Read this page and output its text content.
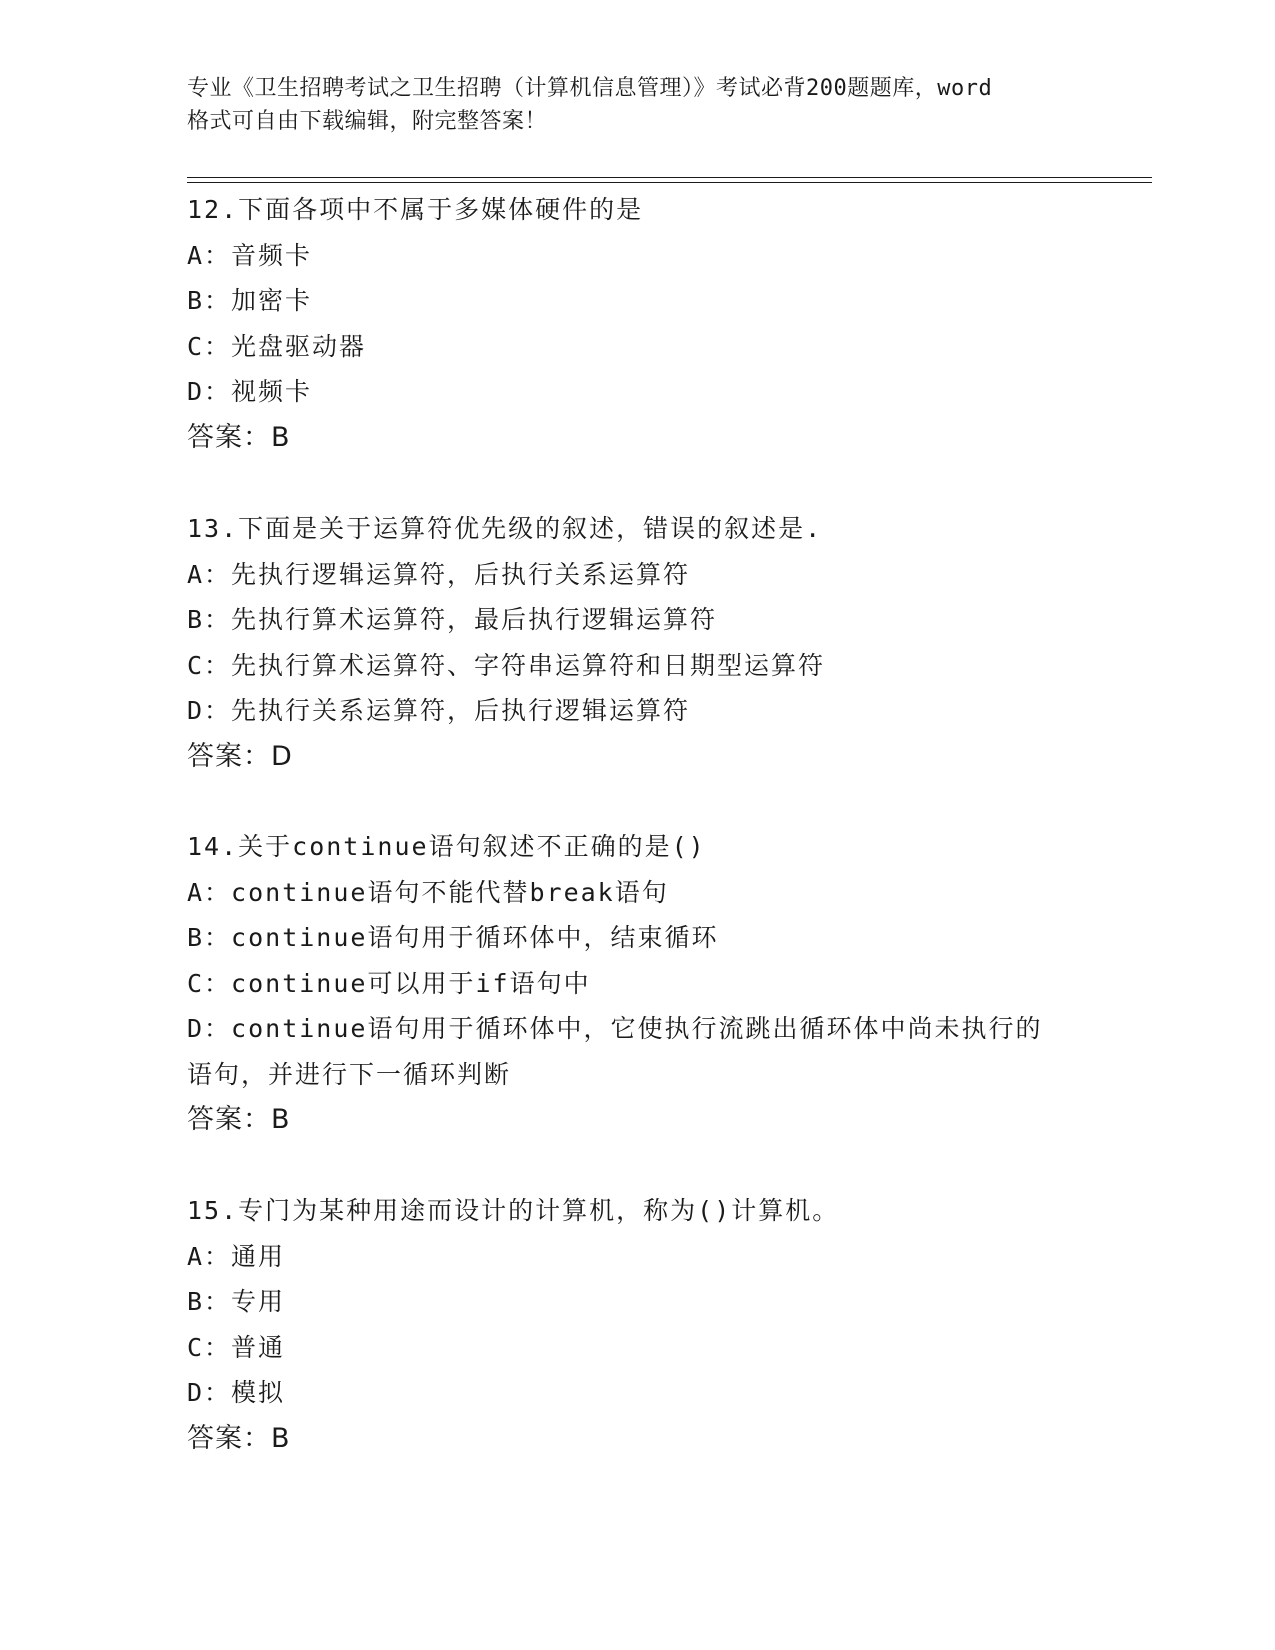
专业《卫生招聘考试之卫生招聘（计算机信息管理）》考试必背200题题库，word
格式可自由下载编辑，附完整答案！
12.下面各项中不属于多媒体硬件的是
A：音频卡
B：加密卡
C：光盘驱动器
D：视频卡
答案：B
13.下面是关于运算符优先级的叙述，错误的叙述是.
A：先执行逻辑运算符，后执行关系运算符
B：先执行算术运算符，最后执行逻辑运算符
C：先执行算术运算符、字符串运算符和日期型运算符
D：先执行关系运算符，后执行逻辑运算符
答案：D
14.关于continue语句叙述不正确的是()
A：continue语句不能代替break语句
B：continue语句用于循环体中，结束循环
C：continue可以用于if语句中
D：continue语句用于循环体中，它使执行流跳出循环体中尚未执行的语句，并进行下一循环判断
答案：B
15.专门为某种用途而设计的计算机，称为()计算机。
A：通用
B：专用
C：普通
D：模拟
答案：B
